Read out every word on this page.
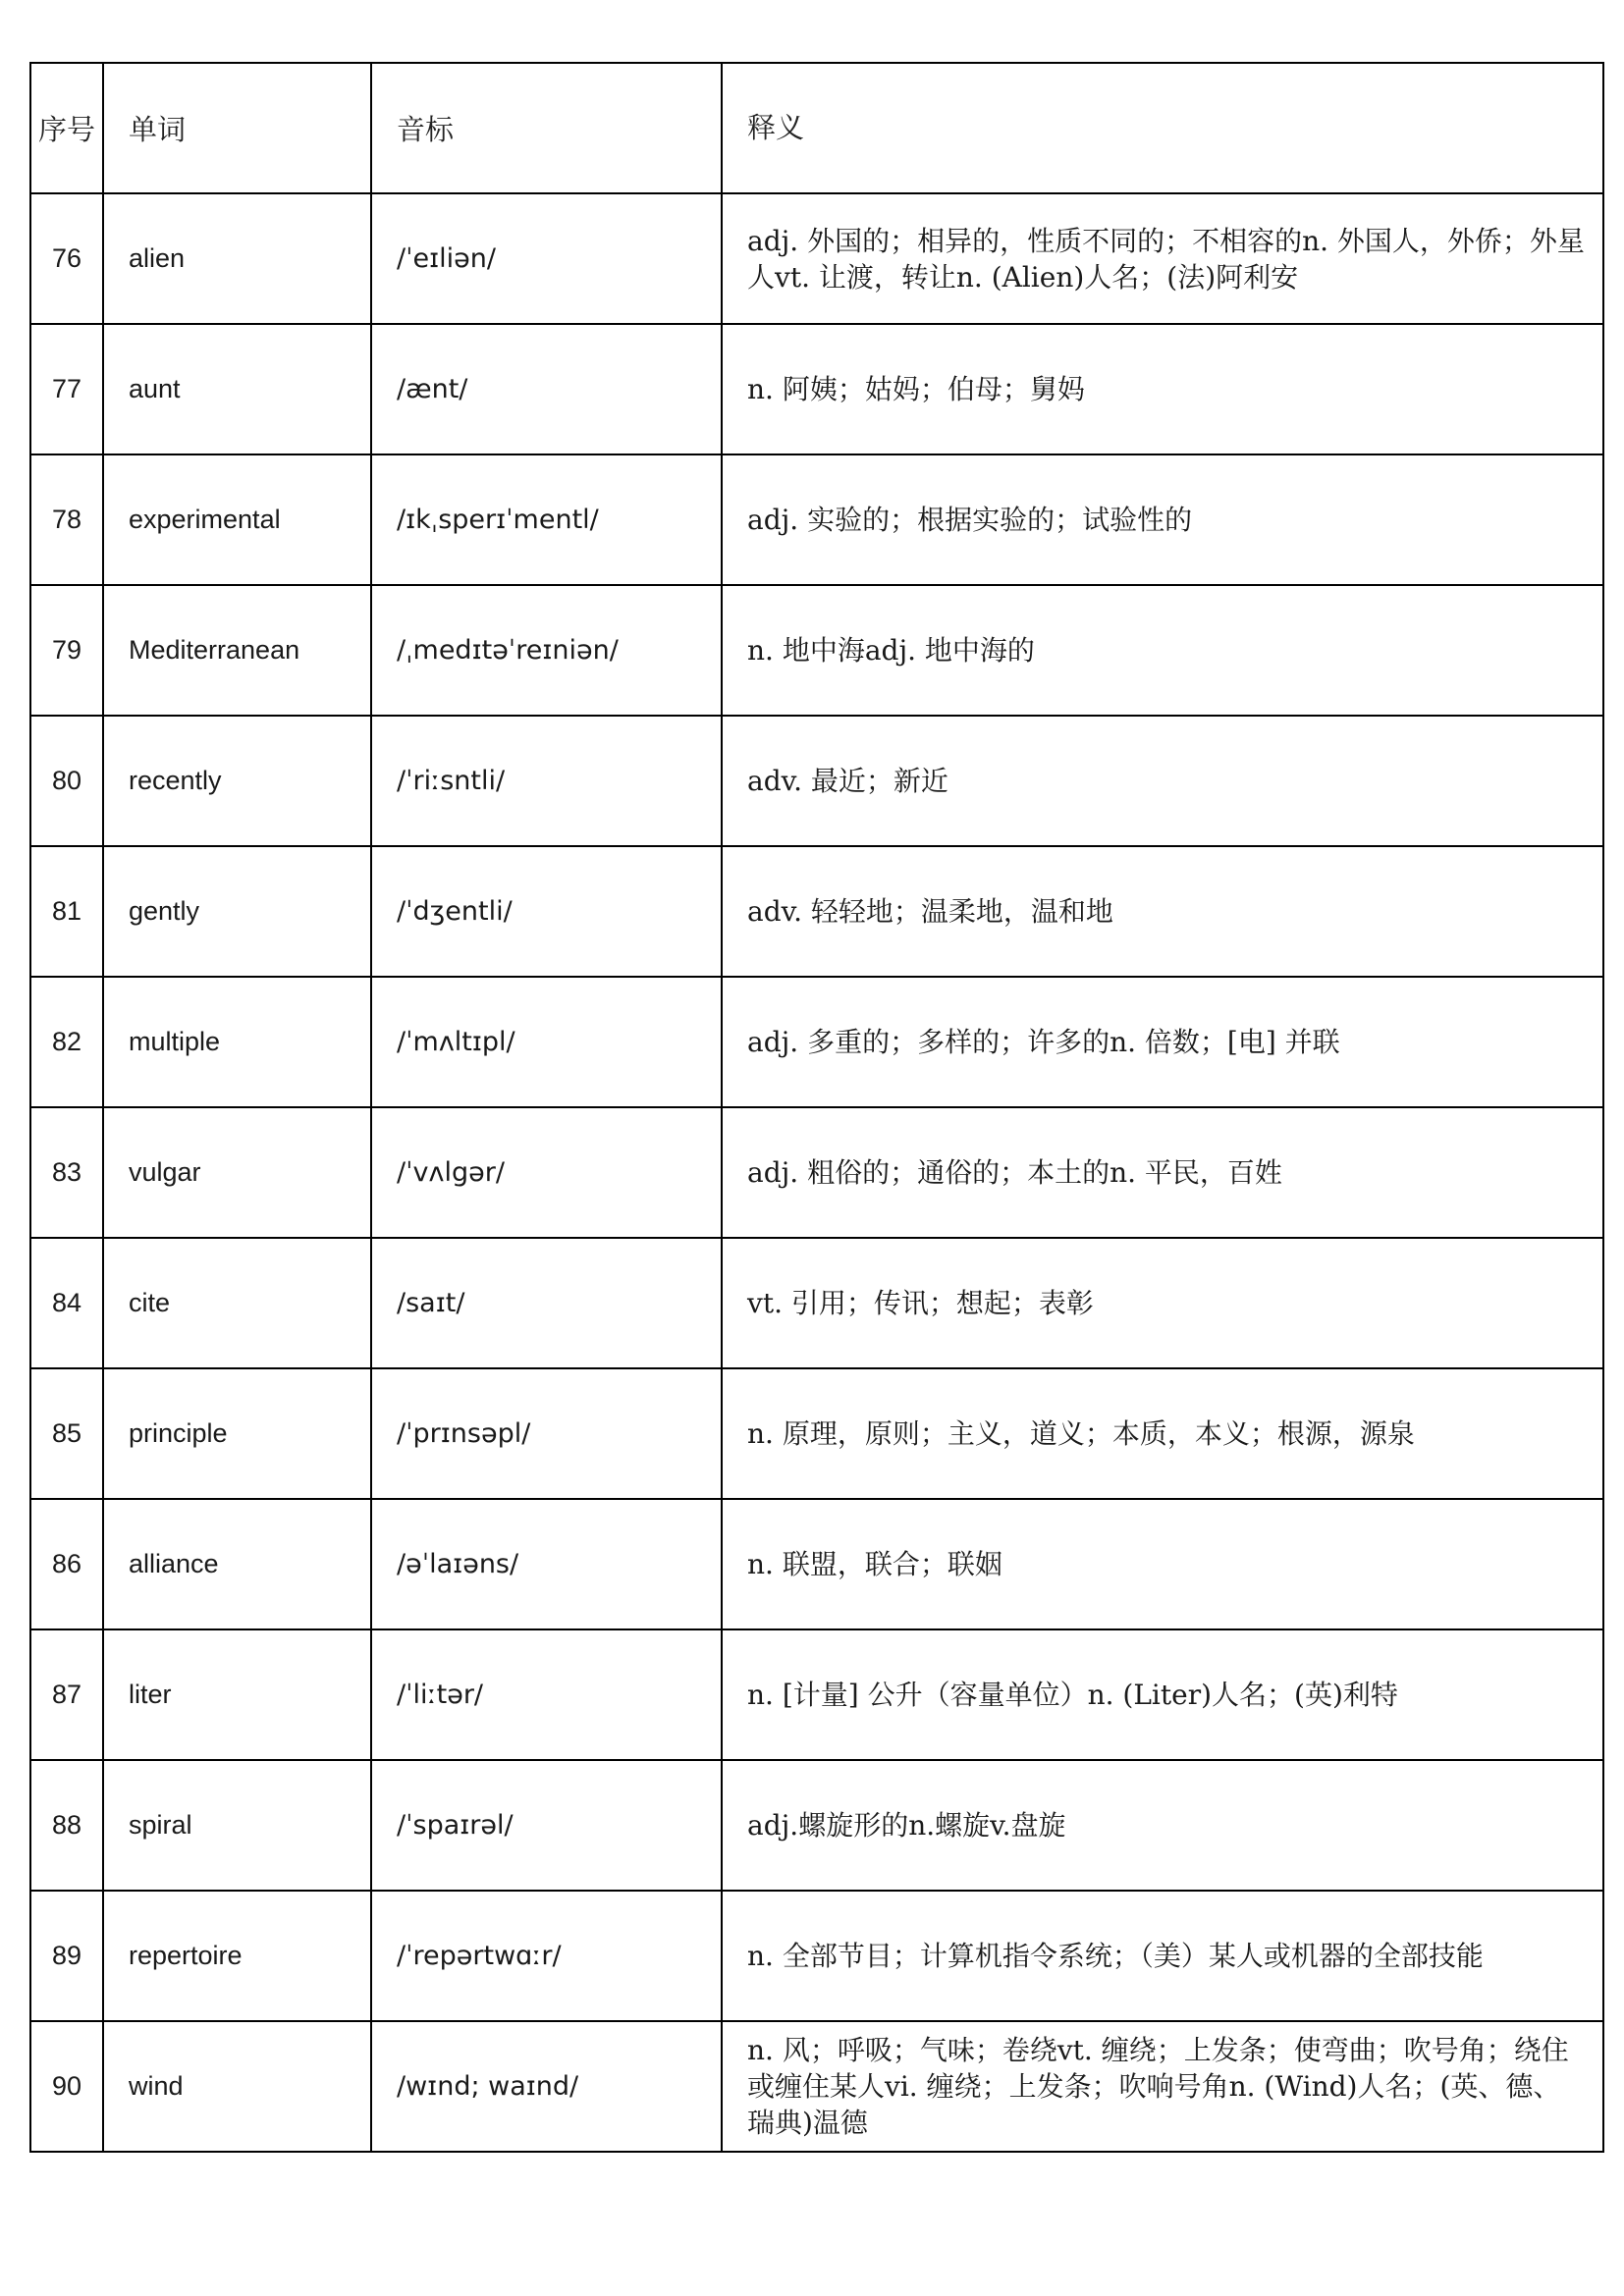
序号	单词	音标	释义
76	alien	/ˈeɪliən/	adj. 外国的；相异的，性质不同的；不相容的n. 外国人，外侨；外星人vt. 让渡，转让n. (Alien)人名；(法)阿利安
77	aunt	/ænt/	n. 阿姨；姑妈；伯母；舅妈
78	experimental	/ɪkˌsperɪˈmentl/	adj. 实验的；根据实验的；试验性的
79	Mediterranean	/ˌmedɪtəˈreɪniən/	n. 地中海adj. 地中海的
80	recently	/ˈriːsntli/	adv. 最近；新近
81	gently	/ˈdʒentli/	adv. 轻轻地；温柔地，温和地
82	multiple	/ˈmʌltɪpl/	adj. 多重的；多样的；许多的n. 倍数；[电] 并联
83	vulgar	/ˈvʌlgər/	adj. 粗俗的；通俗的；本土的n. 平民，百姓
84	cite	/saɪt/	vt. 引用；传讯；想起；表彰
85	principle	/ˈprɪnsəpl/	n. 原理，原则；主义，道义；本质，本义；根源，源泉
86	alliance	/əˈlaɪəns/	n. 联盟，联合；联姻
87	liter	/ˈliːtər/	n. [计量] 公升（容量单位）n. (Liter)人名；(英)利特
88	spiral	/ˈspaɪrəl/	adj.螺旋形的n.螺旋v.盘旋
89	repertoire	/ˈrepərtwɑːr/	n. 全部节目；计算机指令系统；（美）某人或机器的全部技能
90	wind	/wɪnd; waɪnd/	n. 风；呼吸；气味；卷绕vt. 缠绕；上发条；使弯曲；吹号角；绕住或缠住某人vi. 缠绕；上发条；吹响号角n. (Wind)人名；(英、德、瑞典)温德
